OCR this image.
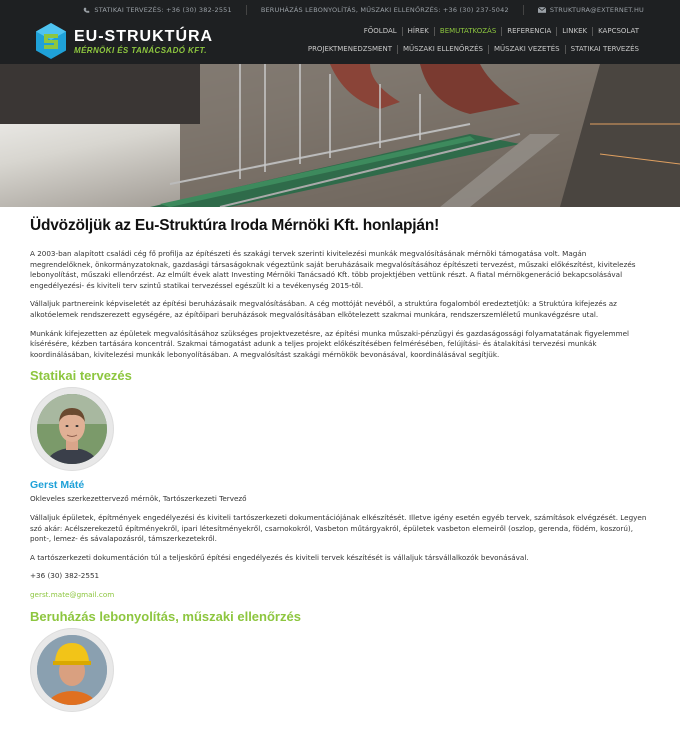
STATIKAI TERVEZÉS: +36 (30) 382-2551	BERUHÁZÁS LEBONYOLÍTÁS, MŰSZAKI ELLENŐRZÉS: +36 (30) 237-5042	STRUKTURA@EXTERNET.HU
EU-STRUKTÚRA
MÉRNÖKI ÉS TANÁCSADÓ KFT.
FŐOLDAL	HÍREK	BEMUTATKOZÁS	REFERENCIA	LINKEK	KAPCSOLAT
PROJEKTMENEDZSMENT	MŰSZAKI ELLENŐRZÉS	MŰSZAKI VEZETÉS	STATIKAI TERVEZÉS
Üdvözöljük az Eu-Struktúra Iroda Mérnöki Kft. honlapján!

A 2003-ban alapított családi cég fő profilja az építészeti és szakági tervek szerinti kivitelezési munkák megvalósításának mérnöki támogatása volt. Magán megrendelőknek, önkormányzatoknak, gazdasági társaságoknak végeztünk saját beruházásaik megvalósításához építészeti tervezést, műszaki előkészítést, kivitelezés lebonyolítást, műszaki ellenőrzést. Az elmúlt évek alatt Investing Mérnöki Tanácsadó Kft. több projektjében vettünk részt. A fiatal mérnökgeneráció bekapcsolásával engedélyezési- és kiviteli terv szintű statikai tervezéssel egészült ki a tevékenység 2015-től.

Vállaljuk partnereink képviseletét az építési beruházásaik megvalósításában. A cég mottóját nevéből, a struktúra fogalomból eredeztetjük: a Struktúra kifejezés az alkotóelemek rendszerezett egységére, az építőipari beruházások megvalósításában elkötelezett szakmai munkára, rendszerszemléletű munkavégzésre utal.

Munkánk kifejezetten az épületek megvalósításához szükséges projektvezetésre, az építési munka műszaki-pénzügyi és gazdaságossági folyamatatának figyelemmel kísérésére, kézben tartására koncentrál. Szakmai támogatást adunk a teljes projekt előkészítésében felmérésében, felújítási- és átalakítási tervezési munkák koordinálásában, kivitelezési munkák lebonyolításában. A megvalósítást szakági mérnökök bevonásával, koordinálásával segítjük.

Statikai tervezés
Gerst Máté

Okleveles szerkezettervező mérnök, Tartószerkezeti Tervező

Vállaljuk épületek, építmények engedélyezési és kiviteli tartószerkezeti dokumentációjának elkészítését. Illetve igény esetén egyéb tervek, számítások elvégzését. Legyen szó akár: Acélszerekezetű építményekről, ipari létesítményekről, csarnokokról, Vasbeton műtárgyakról, épületek vasbeton elemeiről (oszlop, gerenda, födém, koszorú), pont-, lemez- és sávalapozásról, támszerkezetekről.

A tartószerkezeti dokumentáción túl a teljeskörű építési engedélyezés és kiviteli tervek készítését is vállaljuk társvállalkozók bevonásával.

+36 (30) 382-2551

gerst.mate@gmail.com

Beruházás lebonyolítás, műszaki ellenőrzés
